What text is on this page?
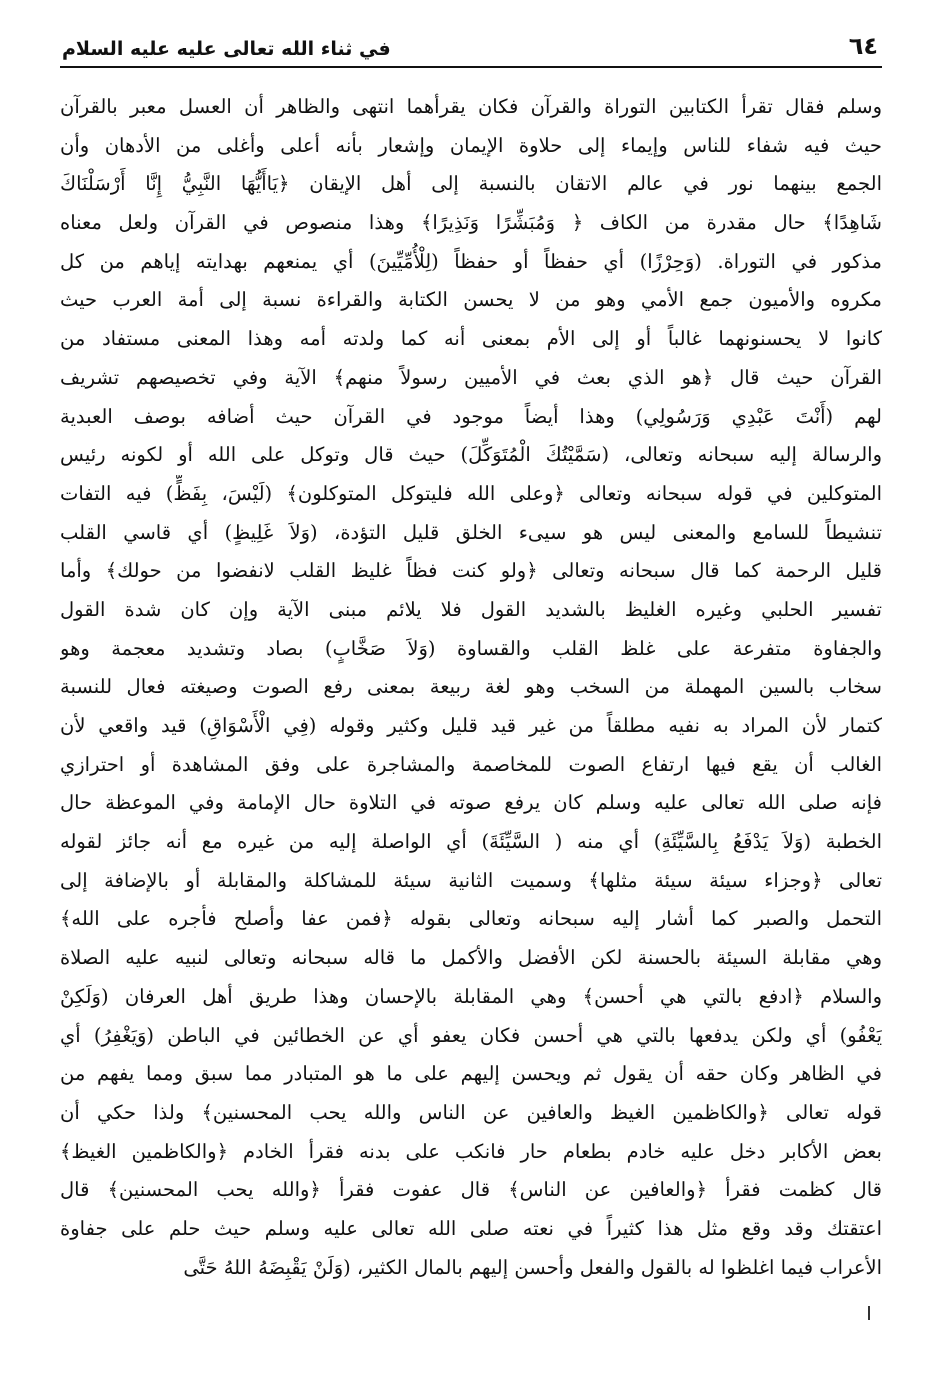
٦٤
في ثناء الله تعالى عليه عليه السلام
وسلم فقال تقرأ الكتابين التوراة والقرآن فكان يقرأهما انتهى والظاهر أن العسل معبر بالقرآن
حيث فيه شفاء للناس وإيماء إلى حلاوة الإيمان وإشعار بأنه أعلى وأغلى من الأدهان وأن
الجمع بينهما نور في عالم الاتقان بالنسبة إلى أهل الإيقان ﴿يَاأَيُّهَا النَّبِيُّ إِنَّا أَرْسَلْنَاكَ
شَاهِدًا﴾ حال مقدرة من الكاف ﴿ وَمُبَشِّرًا وَنَذِيرًا﴾ وهذا منصوص في القرآن ولعل معناه
مذكور في التوراة. (وَحِرْزًا) أي حفظاً أو حفظاً (لِلْأُمِّيِّينَ) أي يمنعهم بهدايته إياهم من كل
مكروه والأميون جمع الأمي وهو من لا يحسن الكتابة والقراءة نسبة إلى أمة العرب حيث
كانوا لا يحسنونهما غالباً أو إلى الأم بمعنى أنه كما ولدته أمه وهذا المعنى مستفاد من
القرآن حيث قال ﴿هو الذي بعث في الأميين رسولاً منهم﴾ الآية وفي تخصيصهم تشريف
لهم (أَنْتَ عَبْدِي وَرَسُولِي) وهذا أيضاً موجود في القرآن حيث أضافه بوصف العبدية
والرسالة إليه سبحانه وتعالى، (سَمَّيْتُكَ الْمُتَوَكِّلَ) حيث قال وتوكل على الله أو لكونه رئيس
المتوكلين في قوله سبحانه وتعالى ﴿وعلى الله فليتوكل المتوكلون﴾ (لَيْسَ، بِفَظٍّ) فيه التفات
تنشيطاً للسامع والمعنى ليس هو سيىء الخلق قليل التؤدة، (وَلاَ غَلِيظٍ) أي قاسي القلب
قليل الرحمة كما قال سبحانه وتعالى ﴿ولو كنت فظاً غليظ القلب لانفضوا من حولك﴾ وأما
تفسير الحلبي وغيره الغليظ بالشديد القول فلا يلائم مبنى الآية وإن كان شدة القول
والجفاوة متفرعة على غلظ القلب والقساوة (وَلاَ صَخَّابٍ) بصاد وتشديد معجمة وهو
سخاب بالسين المهملة من السخب وهو لغة ربيعة بمعنى رفع الصوت وصيغته فعال للنسبة
كتمار لأن المراد به نفيه مطلقاً من غير قيد قليل وكثير وقوله (فِي الْأَسْوَاقِ) قيد واقعي لأن
الغالب أن يقع فيها ارتفاع الصوت للمخاصمة والمشاجرة على وفق المشاهدة أو احترازي
فإنه صلى الله تعالى عليه وسلم كان يرفع صوته في التلاوة حال الإمامة وفي الموعظة حال
الخطبة (وَلاَ يَدْفَعُ بِالسَّيِّئَةِ) أي منه ( السَّيِّئَةَ) أي الواصلة إليه من غيره مع أنه جائز لقوله
تعالى ﴿وجزاء سيئة سيئة مثلها﴾ وسميت الثانية سيئة للمشاكلة والمقابلة أو بالإضافة إلى
التحمل والصبر كما أشار إليه سبحانه وتعالى بقوله ﴿فمن عفا وأصلح فأجره على الله﴾
وهي مقابلة السيئة بالحسنة لكن الأفضل والأكمل ما قاله سبحانه وتعالى لنبيه عليه الصلاة
والسلام ﴿ادفع بالتي هي أحسن﴾ وهي المقابلة بالإحسان وهذا طريق أهل العرفان (وَلَكِنْ
يَعْفُو) أي ولكن يدفعها بالتي هي أحسن فكان يعفو أي عن الخطائين في الباطن (وَيَغْفِرُ) أي
في الظاهر وكان حقه أن يقول ثم ويحسن إليهم على ما هو المتبادر مما سبق ومما يفهم من
قوله تعالى ﴿والكاظمين الغيظ والعافين عن الناس والله يحب المحسنين﴾ ولذا حكي أن
بعض الأكابر دخل عليه خادم بطعام حار فانكب على بدنه فقرأ الخادم ﴿والكاظمين الغيظ﴾
قال كظمت فقرأ ﴿والعافين عن الناس﴾ قال عفوت فقرأ ﴿والله يحب المحسنين﴾ قال
اعتقتك وقد وقع مثل هذا كثيراً في نعته صلى الله تعالى عليه وسلم حيث حلم على جفاوة
الأعراب فيما اغلظوا له بالقول والفعل وأحسن إليهم بالمال الكثير، (وَلَنْ يَقْبِضَهُ اللهُ حَتَّى
